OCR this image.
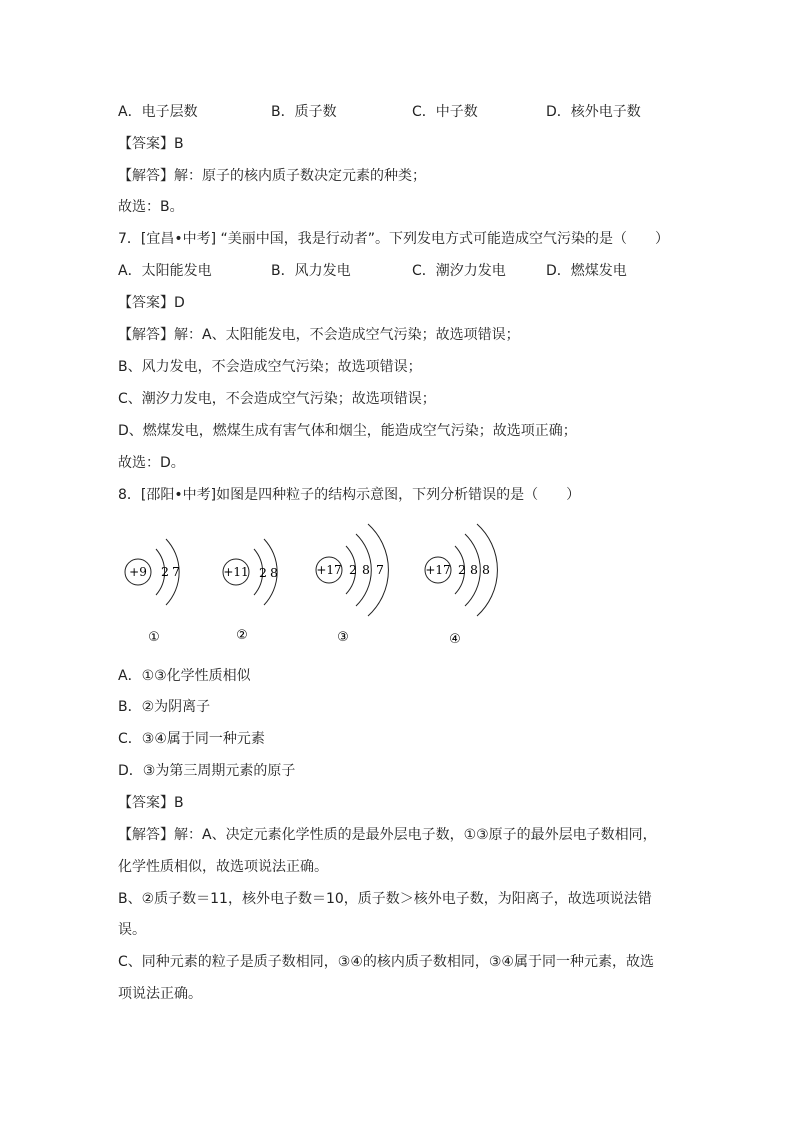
A．电子层数	B．质子数	C．中子数	D．核外电子数
【答案】B
【解答】解：原子的核内质子数决定元素的种类；
故选：B。
7．[宜昌•中考] “美丽中国，我是行动者”。下列发电方式可能造成空气污染的是（　　）
A．太阳能发电	B．风力发电	C．潮汐力发电	D．燃煤发电
【答案】D
【解答】解：A、太阳能发电，不会造成空气污染；故选项错误；
B、风力发电，不会造成空气污染；故选项错误；
C、潮汐力发电，不会造成空气污染；故选项错误；
D、燃煤发电，燃煤生成有害气体和烟尘，能造成空气污染；故选项正确；
故选：D。
8．[邵阳•中考]如图是四种粒子的结构示意图，下列分析错误的是（　　）
+9 2 7
①
+11 2 8
②
+17 2 8 7
③
+17 2 8 8
④
A．①③化学性质相似
B．②为阴离子
C．③④属于同一种元素
D．③为第三周期元素的原子
【答案】B
【解答】解：A、决定元素化学性质的是最外层电子数，①③原子的最外层电子数相同，
化学性质相似，故选项说法正确。
B、②质子数＝11，核外电子数＝10，质子数＞核外电子数，为阳离子，故选项说法错
误。
C、同种元素的粒子是质子数相同，③④的核内质子数相同，③④属于同一种元素，故选
项说法正确。
